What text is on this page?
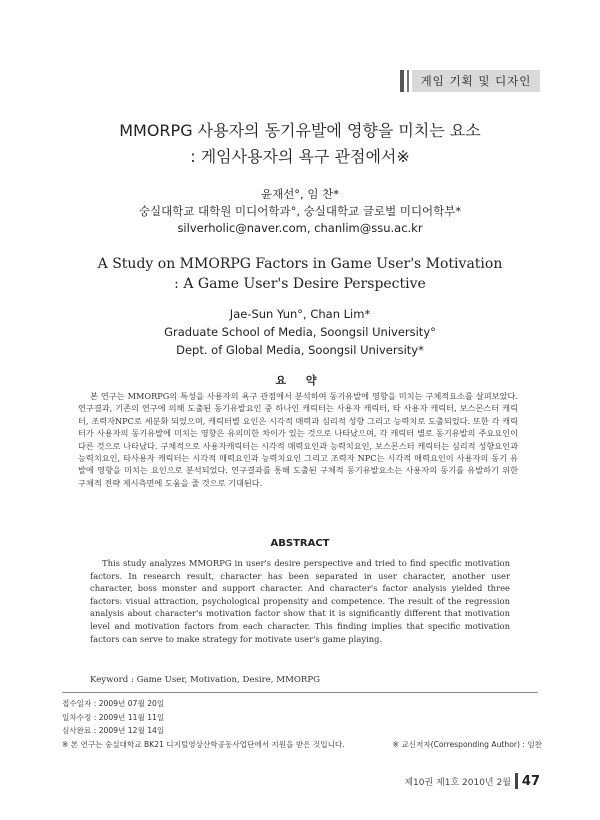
게임 기획 및 디자인
MMORPG 사용자의 동기유발에 영향을 미치는 요소
: 게임사용자의 욕구 관점에서※
윤재선°, 임 찬*
숭실대학교 대학원 미디어학과°, 숭실대학교 글로벌 미디어학부*
silverholic@naver.com, chanlim@ssu.ac.kr
A Study on MMORPG Factors in Game User's Motivation
: A Game User's Desire Perspective
Jae-Sun Yun°, Chan Lim*
Graduate School of Media, Soongsil University°
Dept. of Global Media, Soongsil University*
요 약
본 연구는 MMORPG의 특성을 사용자의 욕구 관점에서 분석하여 동기유발에 영향을 미치는 구체적요소를 살펴보았다. 연구결과, 기존의 연구에 의해 도출된 동기유발요인 중 하나인 캐릭터는 사용자 캐릭터, 타 사용자 캐릭터, 보스몬스터 캐릭터, 조력자NPC로 세분화 되었으며, 캐릭터별 요인은 시각적 매력과 심리적 성향 그리고 능력치로 도출되었다. 또한 각 캐릭터가 사용자의 동기유발에 미치는 영향은 유의미한 차이가 있는 것으로 나타났으며, 각 캐릭터 별로 동기유발의 주요요인이 다른 것으로 나타났다. 구체적으로 사용자캐릭터는 시각적 매력요인과 능력치요인, 보스몬스터 캐릭터는 심리적 성향요인과 능력치요인, 타사용자 캐릭터는 시각적 매력요인과 능력치요인 그리고 조력자 NPC는 시각적 매력요인이 사용자의 동기 유발에 영향을 미치는 요인으로 분석되었다. 연구결과를 통해 도출된 구체적 동기유발요소는 사용자의 동기를 유발하기 위한 구체적 전략 제시측면에 도움을 줄 것으로 기대된다.
ABSTRACT
This study analyzes MMORPG in user's desire perspective and tried to find specific motivation factors. In research result, character has been separated in user character, another user character, boss monster and support character. And character's factor analysis yielded three factors: visual attraction, psychological propensity and competence. The result of the regression analysis about character's motivation factor show that it is significantly different that motivation level and motivation factors from each character. This finding implies that specific motivation factors can serve to make strategy for motivate user's game playing.
Keyword : Game User, Motivation, Desire, MMORPG
접수일자 : 2009년 07월 20일
일차수정 : 2009년 11월 11일
심사완료 : 2009년 12월 14일
※ 본 연구는 숭실대학교 BK21 디지털영상산학공동사업단에서 지원을 받은 것입니다.	※ 교신저자(Corresponding Author) : 임찬
제10권 제1호 2010년 2월 47
